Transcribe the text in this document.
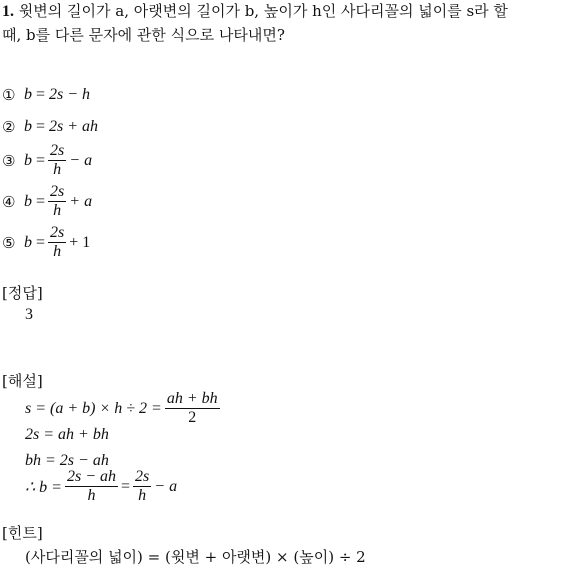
1. 윗변의 길이가 a, 아랫변의 길이가 b, 높이가 h인 사다리꼴의 넓이를 s라 할
때, b를 다른 문자에 관한 식으로 나타내면?
① b
=
2s − h
② b
=
2s + ah
③ b
= $\frac{2s}{h} - a$
④ b
= $\frac{2s}{h} + a$
⑤ b
= $\frac{2s}{h} + 1$
[정답]
3
[해설]
$s = (a + b) \times h \div 2 = \frac{ah + bh}{2}$
2s = ah + bh
bh = 2s − ah
∴ $b = \frac{2s - ah}{h} = \frac{2s}{h} - a$
[힌트]
(사다리꼴의 넓이) = (윗변 + 아랫변) × (높이) ÷ 2
